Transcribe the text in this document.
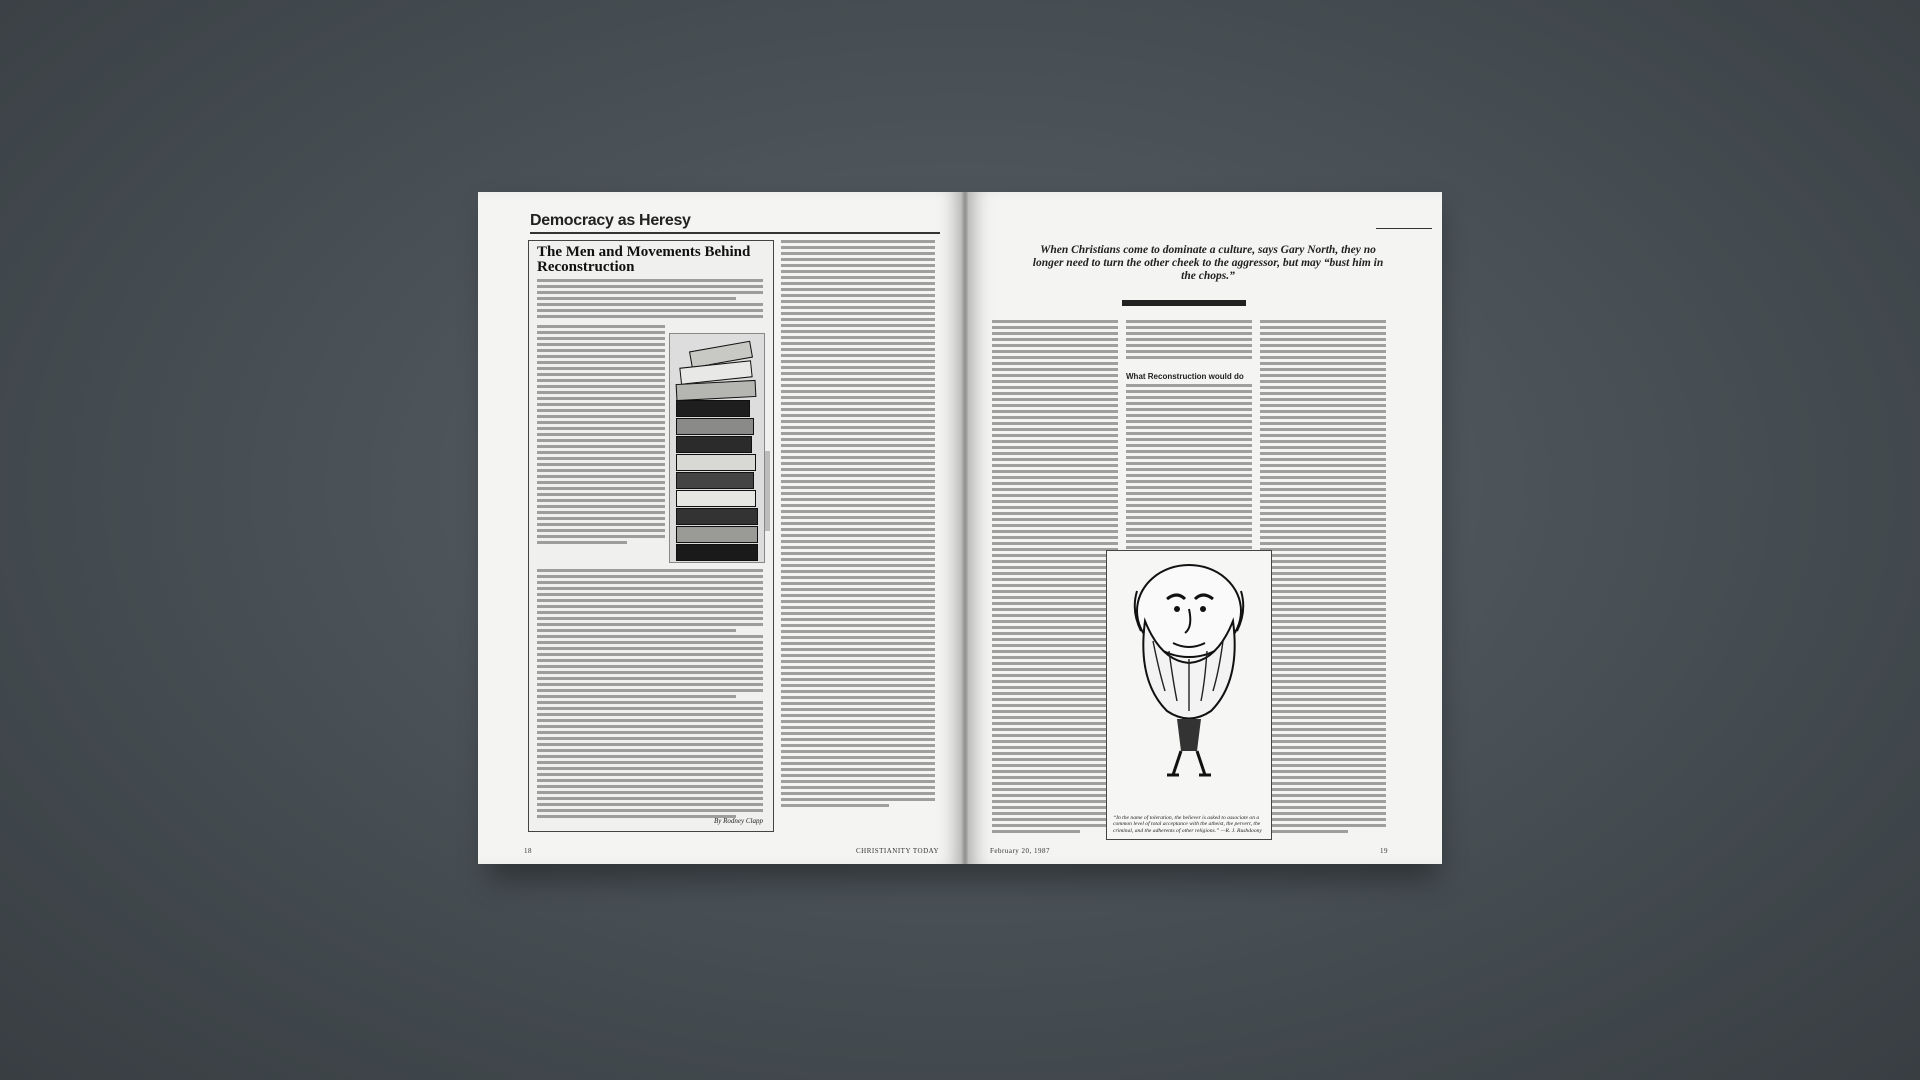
Democracy as Heresy
The Men and Movements Behind Reconstruction
By Rodney Clapp
18	CHRISTIANITY TODAY
When Christians come to dominate a culture, says Gary North, they no longer need to turn the other cheek to the aggressor, but may “bust him in the chops.”
What Reconstruction would do
“In the name of toleration, the believer is asked to associate on a common level of total acceptance with the atheist, the pervert, the criminal, and the adherents of other religions.” —R. J. Rushdoony
February 20, 1987	19
